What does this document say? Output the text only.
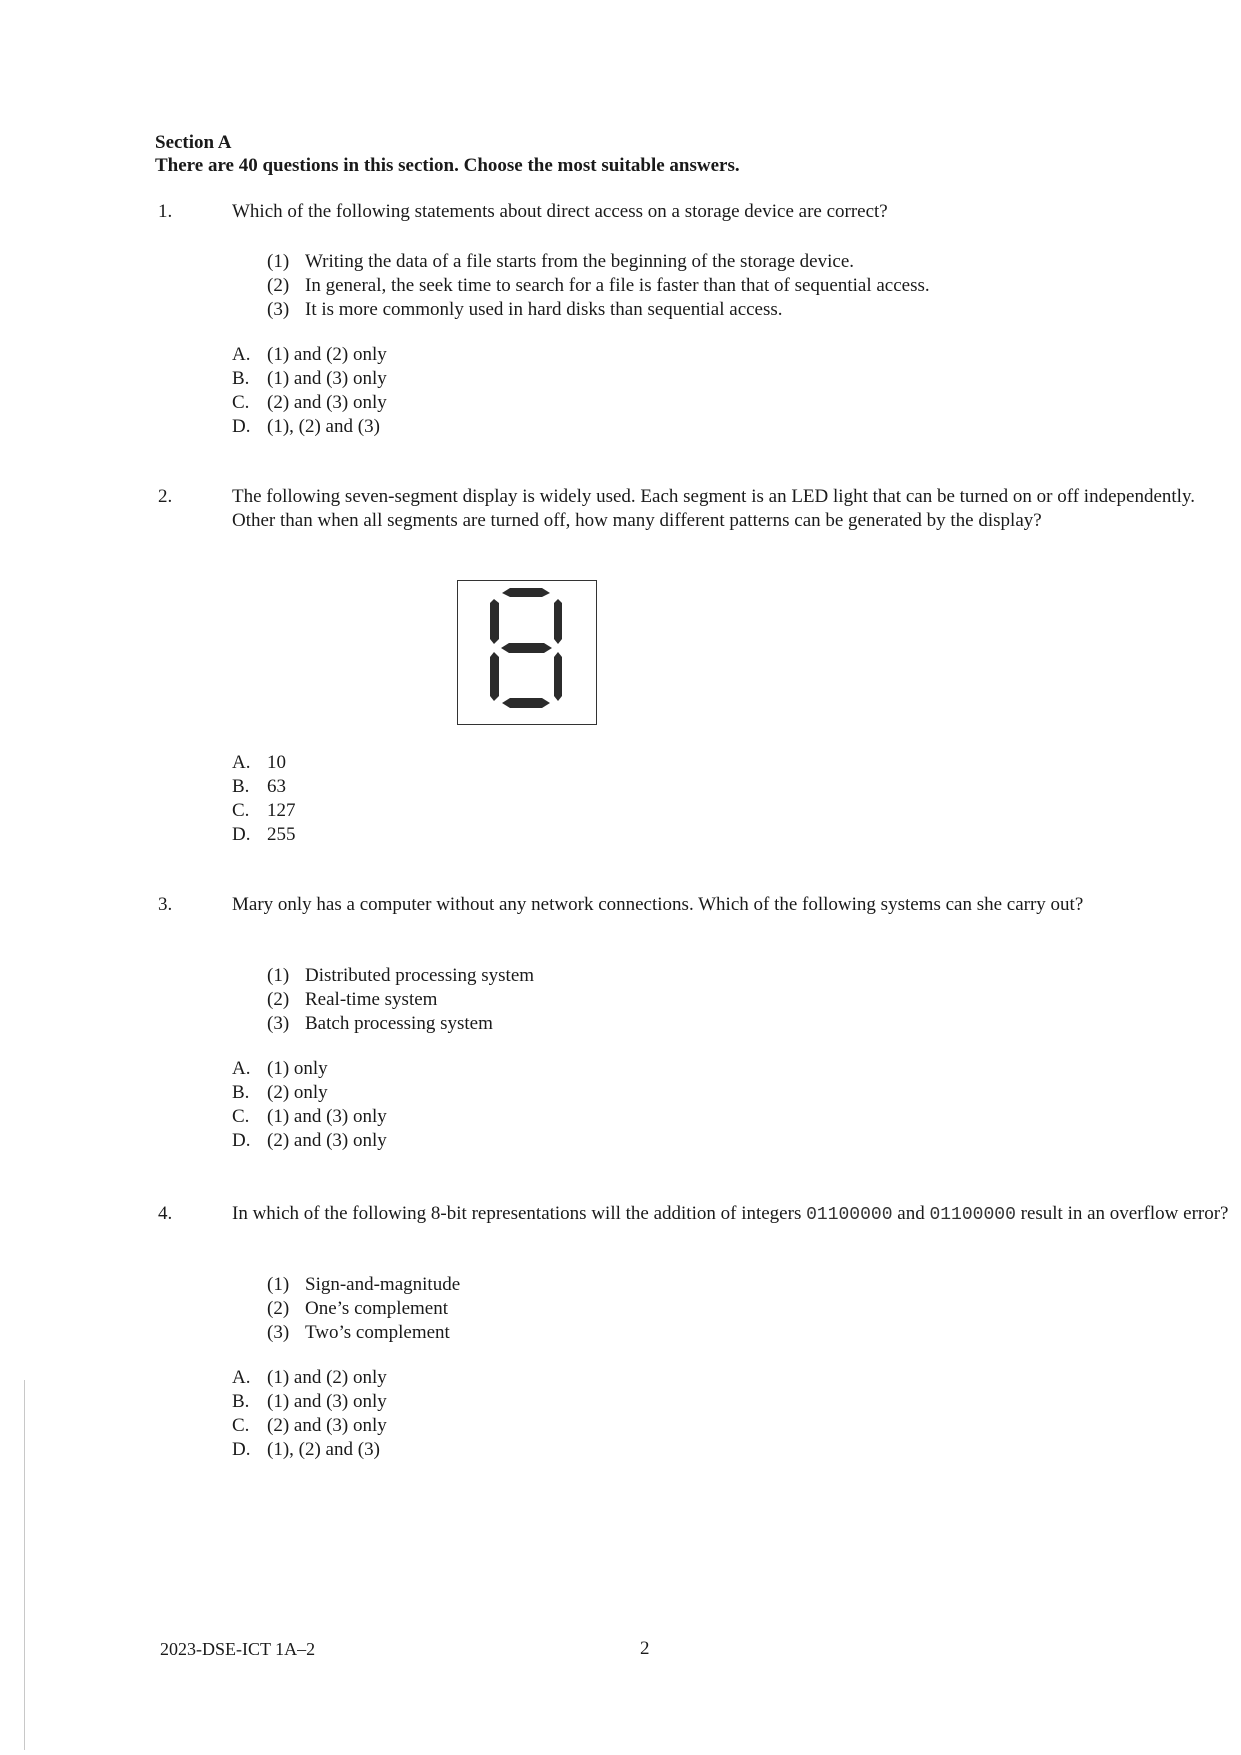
Section A
There are 40 questions in this section. Choose the most suitable answers.
1.	Which of the following statements about direct access on a storage device are correct?
(1) Writing the data of a file starts from the beginning of the storage device.
(2) In general, the seek time to search for a file is faster than that of sequential access.
(3) It is more commonly used in hard disks than sequential access.
A. (1) and (2) only
B. (1) and (3) only
C. (2) and (3) only
D. (1), (2) and (3)
2.	The following seven-segment display is widely used. Each segment is an LED light that can be turned on or off independently. Other than when all segments are turned off, how many different patterns can be generated by the display?
A. 10
B. 63
C. 127
D. 255
3.	Mary only has a computer without any network connections. Which of the following systems can she carry out?
(1) Distributed processing system
(2) Real-time system
(3) Batch processing system
A. (1) only
B. (2) only
C. (1) and (3) only
D. (2) and (3) only
4.	In which of the following 8-bit representations will the addition of integers 01100000 and 01100000 result in an overflow error?
(1) Sign-and-magnitude
(2) One’s complement
(3) Two’s complement
A. (1) and (2) only
B. (1) and (3) only
C. (2) and (3) only
D. (1), (2) and (3)
2023-DSE-ICT 1A–2	2
